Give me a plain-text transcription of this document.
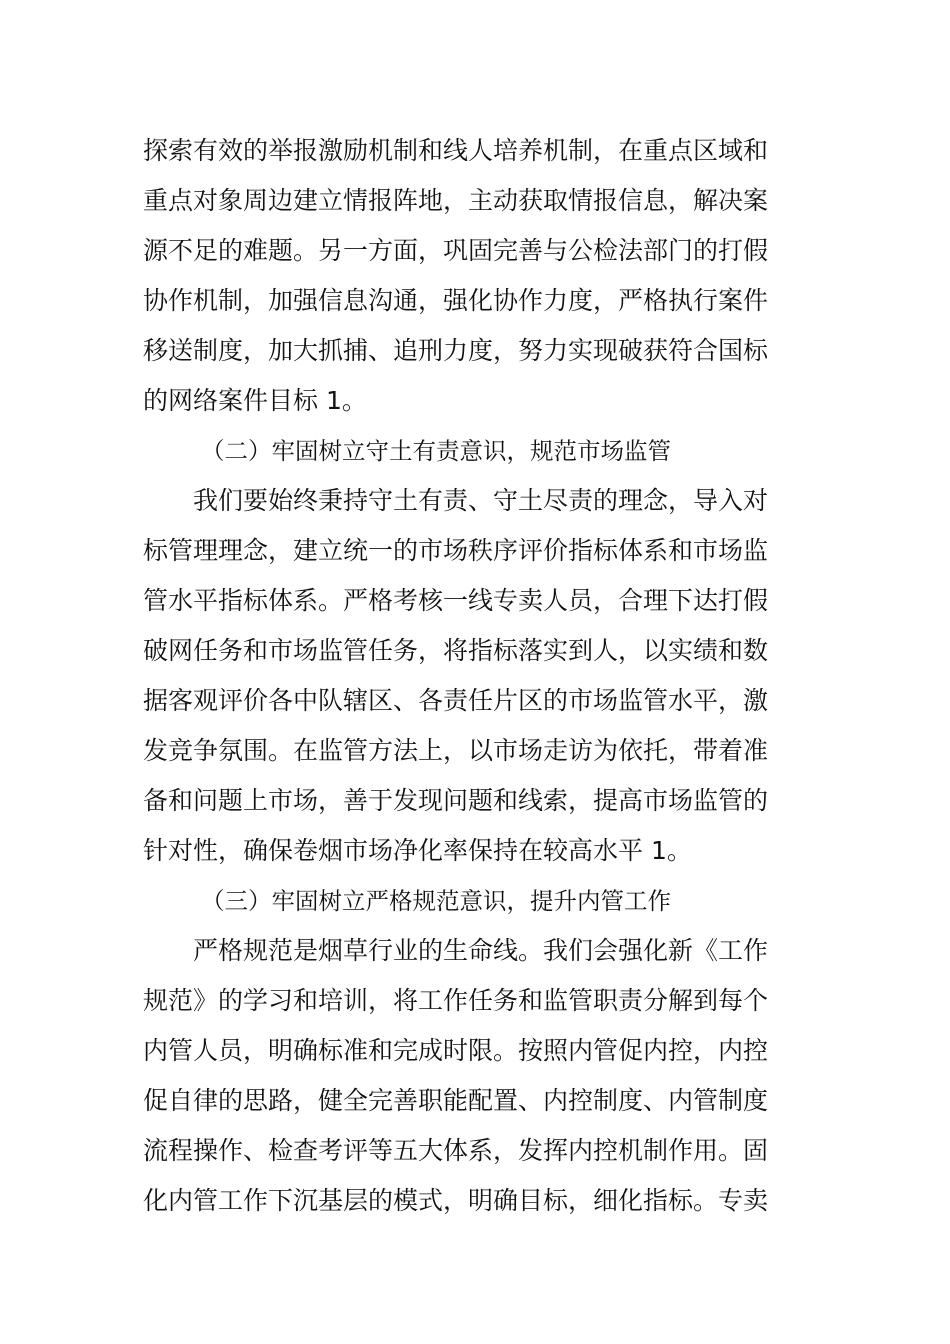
探索有效的举报激励机制和线人培养机制，在重点区域和
重点对象周边建立情报阵地，主动获取情报信息，解决案
源不足的难题。另一方面，巩固完善与公检法部门的打假
协作机制，加强信息沟通，强化协作力度，严格执行案件
移送制度，加大抓捕、追刑力度，努力实现破获符合国标
的网络案件目标 1。
（二）牢固树立守土有责意识，规范市场监管
我们要始终秉持守土有责、守土尽责的理念，导入对
标管理理念，建立统一的市场秩序评价指标体系和市场监
管水平指标体系。严格考核一线专卖人员，合理下达打假
破网任务和市场监管任务，将指标落实到人，以实绩和数
据客观评价各中队辖区、各责任片区的市场监管水平，激
发竞争氛围。在监管方法上，以市场走访为依托，带着准
备和问题上市场，善于发现问题和线索，提高市场监管的
针对性，确保卷烟市场净化率保持在较高水平 1。
（三）牢固树立严格规范意识，提升内管工作
严格规范是烟草行业的生命线。我们会强化新《工作
规范》的学习和培训，将工作任务和监管职责分解到每个
内管人员，明确标准和完成时限。按照内管促内控，内控
促自律的思路，健全完善职能配置、内控制度、内管制度
流程操作、检查考评等五大体系，发挥内控机制作用。固
化内管工作下沉基层的模式，明确目标，细化指标。专卖
